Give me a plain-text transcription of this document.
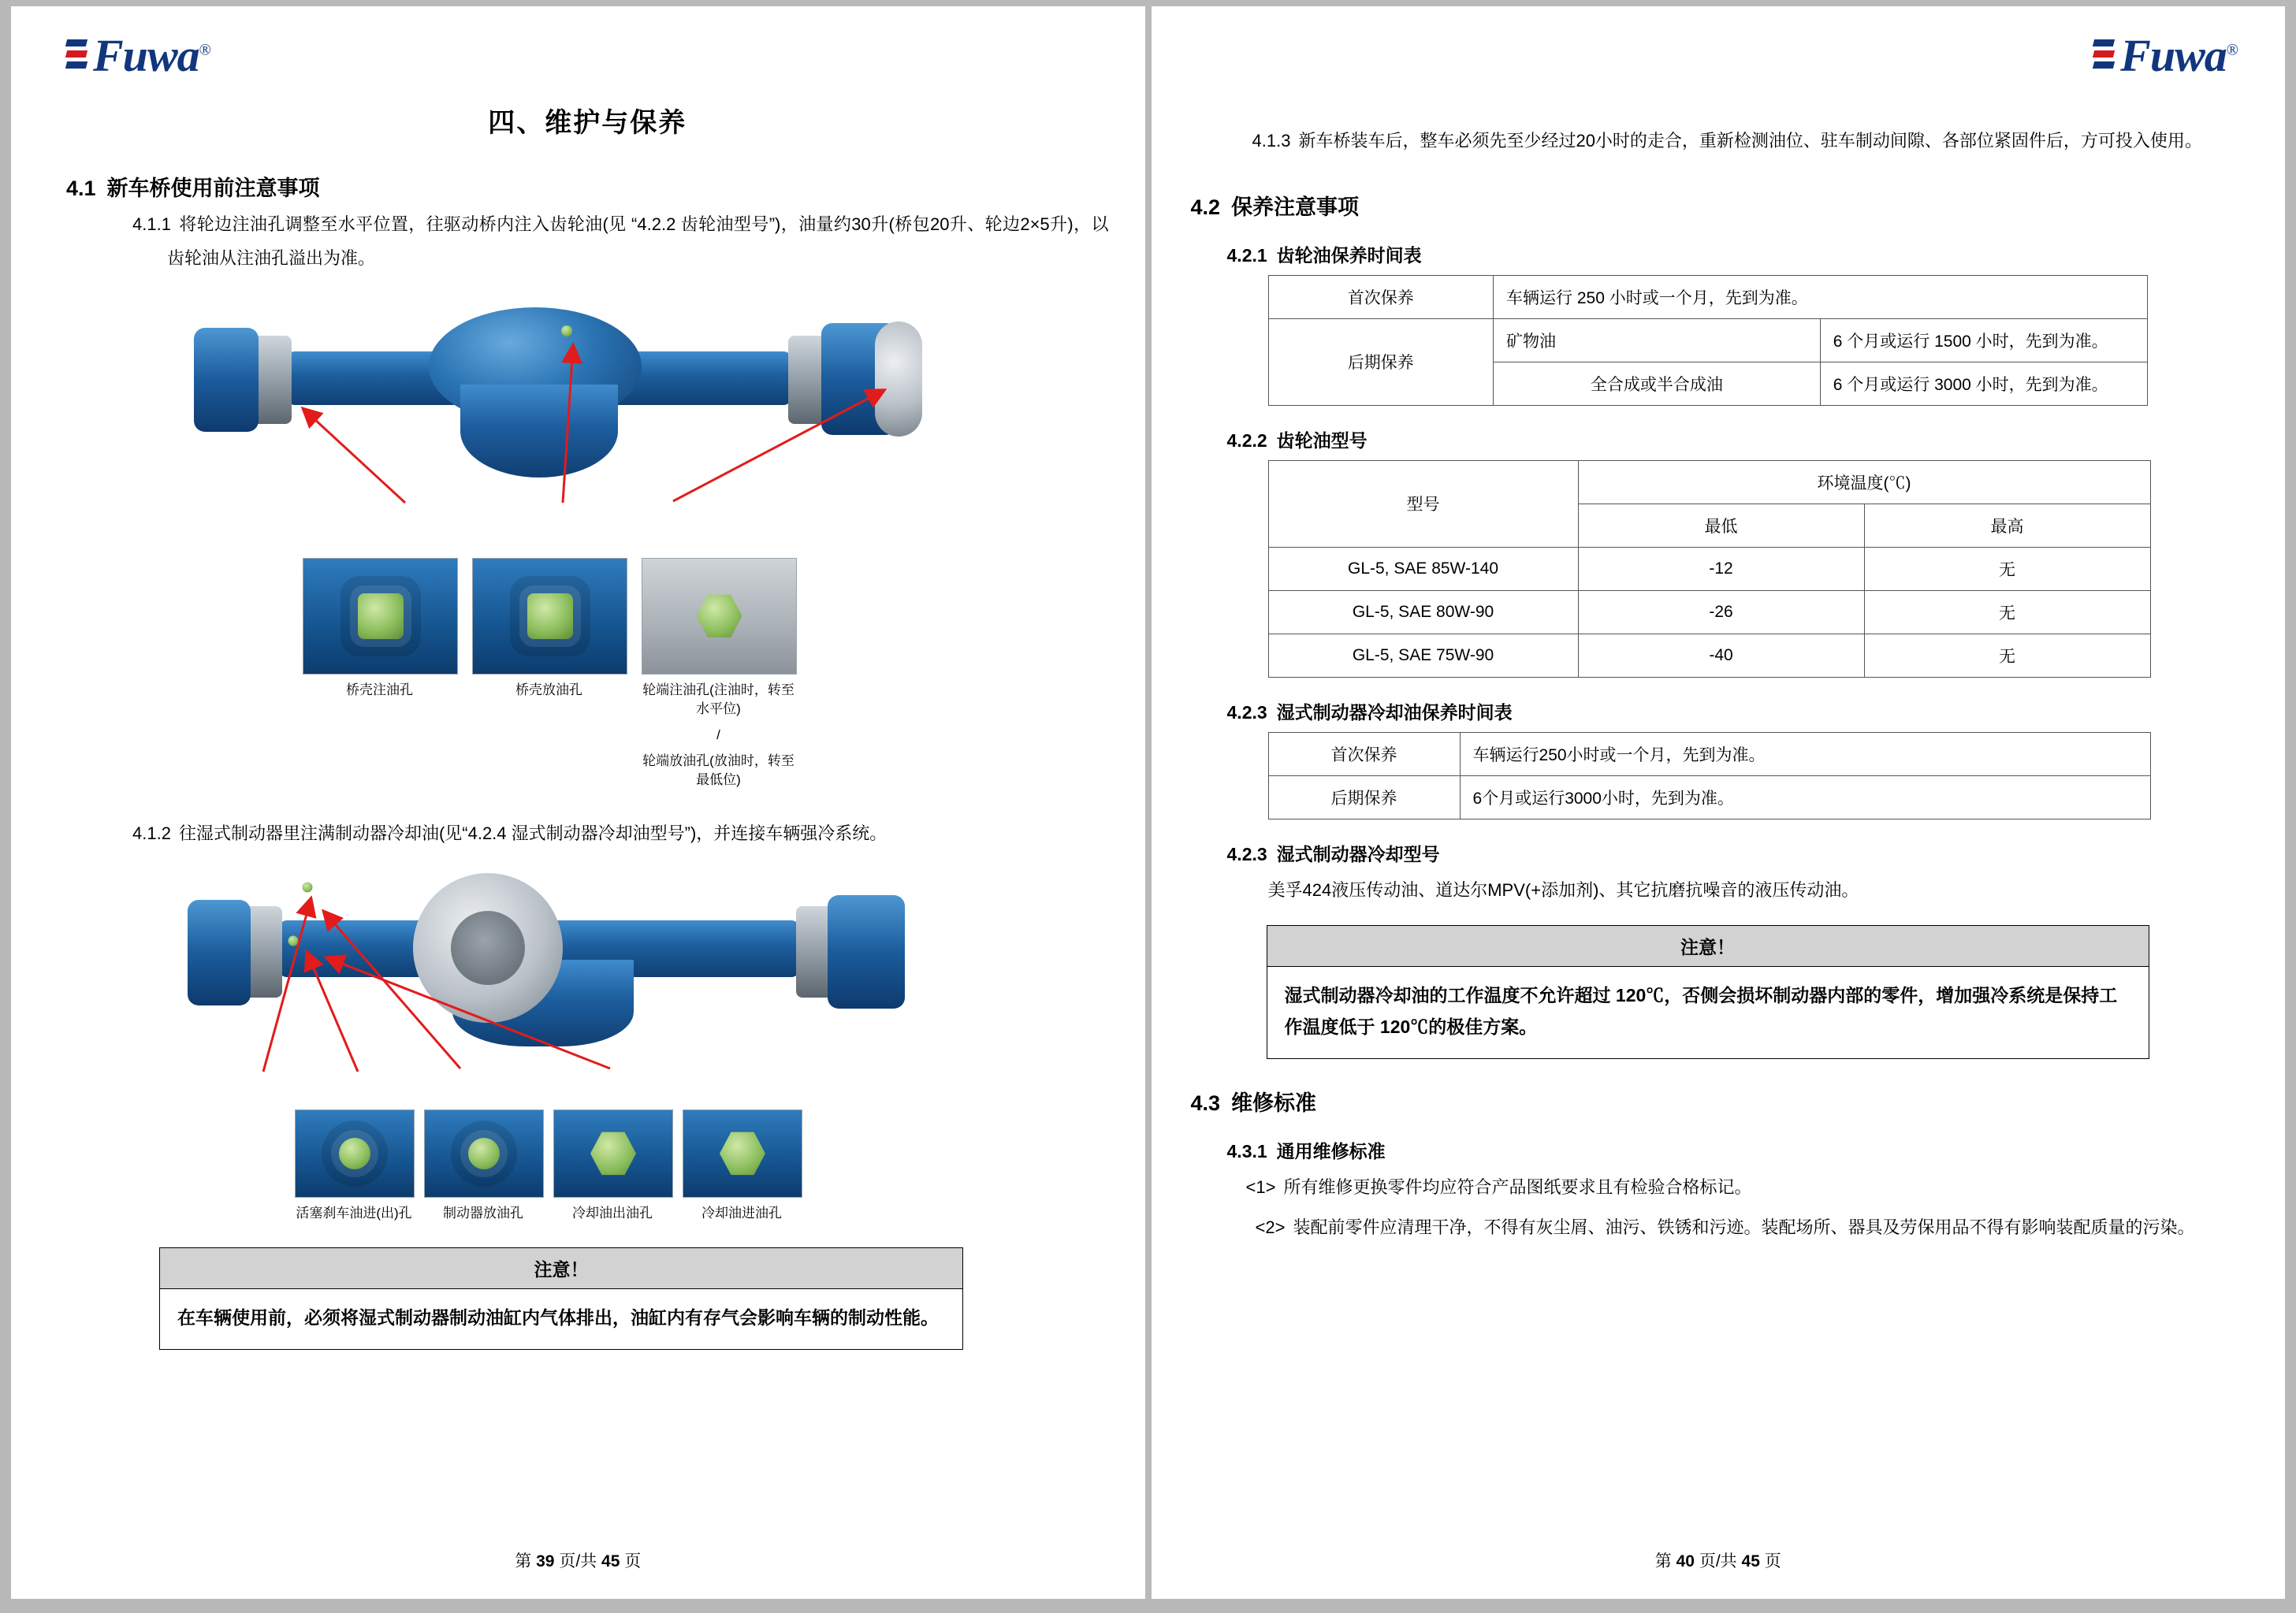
Fuwa®
四、维护与保养
4.1 新车桥使用前注意事项
4.1.1 将轮边注油孔调整至水平位置，往驱动桥内注入齿轮油(见 “4.2.2 齿轮油型号”)，油量约30升(桥包20升、轮边2×5升)，以齿轮油从注油孔溢出为准。
桥壳注油孔	桥壳放油孔	轮端注油孔(注油时，转至水平位)
/
轮端放油孔(放油时，转至最低位)
4.1.2 往湿式制动器里注满制动器冷却油(见“4.2.4 湿式制动器冷却油型号”)，并连接车辆强冷系统。
活塞刹车油进(出)孔	制动器放油孔	冷却油出油孔	冷却油进油孔
注意！
在车辆使用前，必须将湿式制动器制动油缸内气体排出，油缸内有存气会影响车辆的制动性能。
第 39 页/共 45 页
Fuwa®
4.1.3 新车桥装车后，整车必须先至少经过20小时的走合，重新检测油位、驻车制动间隙、各部位紧固件后，方可投入使用。
4.2 保养注意事项
4.2.1 齿轮油保养时间表
首次保养	车辆运行 250 小时或一个月，先到为准。	
后期保养	矿物油	6 个月或运行 1500 小时，先到为准。
	全合成或半合成油	6 个月或运行 3000 小时，先到为准。
4.2.2 齿轮油型号
型号	环境温度(℃)	
	最低	最高
GL-5, SAE 85W-140	-12	无
GL-5, SAE 80W-90	-26	无
GL-5, SAE 75W-90	-40	无
4.2.3 湿式制动器冷却油保养时间表
首次保养	车辆运行250小时或一个月，先到为准。
后期保养	6个月或运行3000小时，先到为准。
4.2.3 湿式制动器冷却型号
美孚424液压传动油、道达尔MPV(+添加剂)、其它抗磨抗噪音的液压传动油。
注意！
湿式制动器冷却油的工作温度不允许超过 120℃，否侧会损坏制动器内部的零件，增加强冷系统是保持工作温度低于 120℃的极佳方案。
4.3 维修标准
4.3.1 通用维修标准
<1> 所有维修更换零件均应符合产品图纸要求且有检验合格标记。
<2> 装配前零件应清理干净，不得有灰尘屑、油污、铁锈和污迹。装配场所、器具及劳保用品不得有影响装配质量的污染。
第 40 页/共 45 页
